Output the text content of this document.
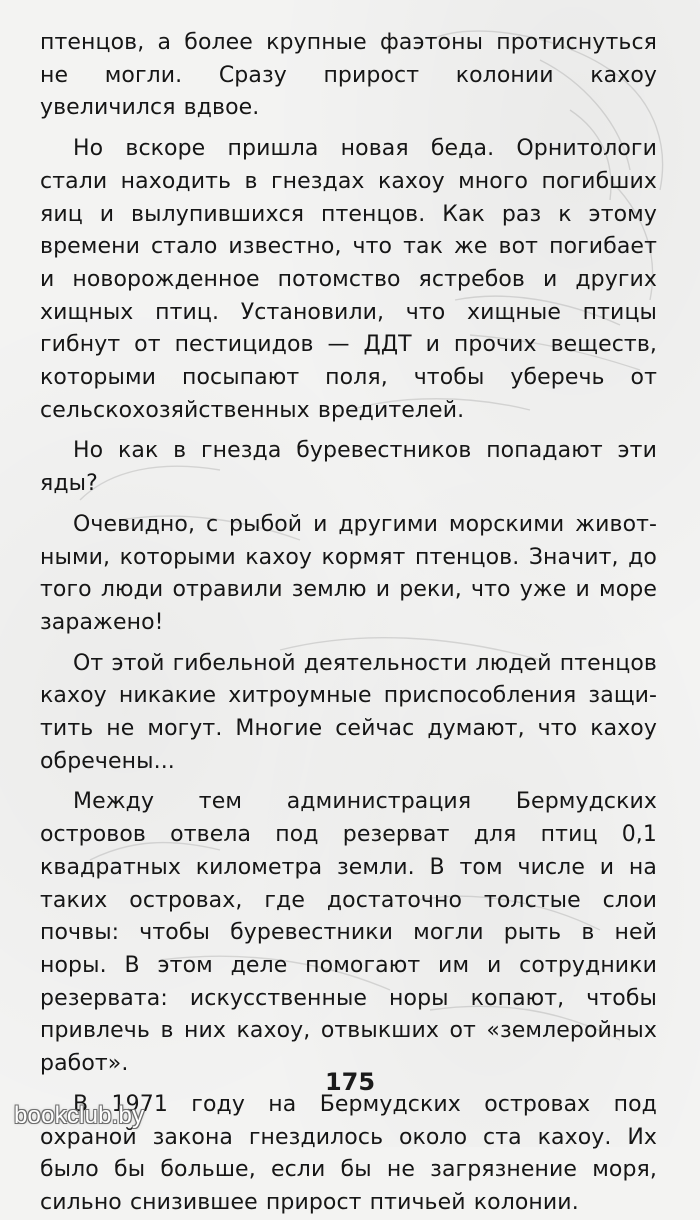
птенцов, а более крупные фаэтоны протиснуться не могли. Сразу прирост колонии кахоу увеличился вдвое.

Но вскоре пришла новая беда. Орнитологи стали находить в гнездах кахоу много погибших яиц и вылупившихся птенцов. Как раз к этому времени стало известно, что так же вот погибает и новорожденное потомство ястребов и других хищных птиц. Установили, что хищные птицы гибнут от пестицидов — ДДТ и прочих веществ, которыми посыпают поля, чтобы уберечь от сельскохозяйственных вредителей.

Но как в гнезда буревестников попадают эти яды?

Очевидно, с рыбой и другими морскими животными, которыми кахоу кормят птенцов. Значит, до того люди отравили землю и реки, что уже и море заражено!

От этой гибельной деятельности людей птенцов кахоу никакие хитроумные приспособления защитить не могут. Многие сейчас думают, что кахоу обречены...

Между тем администрация Бермудских островов отвела под резерват для птиц 0,1 квадратных километра земли. В том числе и на таких островах, где достаточно толстые слои почвы: чтобы буревестники могли рыть в ней норы. В этом деле помогают им и сотрудники резервата: искусственные норы копают, чтобы привлечь в них кахоу, отвыкших от «землеройных работ».

В 1971 году на Бермудских островах под охраной закона гнездилось около ста кахоу. Их было бы больше, если бы не загрязнение моря, сильно снизившее прирост птичьей колонии.

175
bookclub.by
